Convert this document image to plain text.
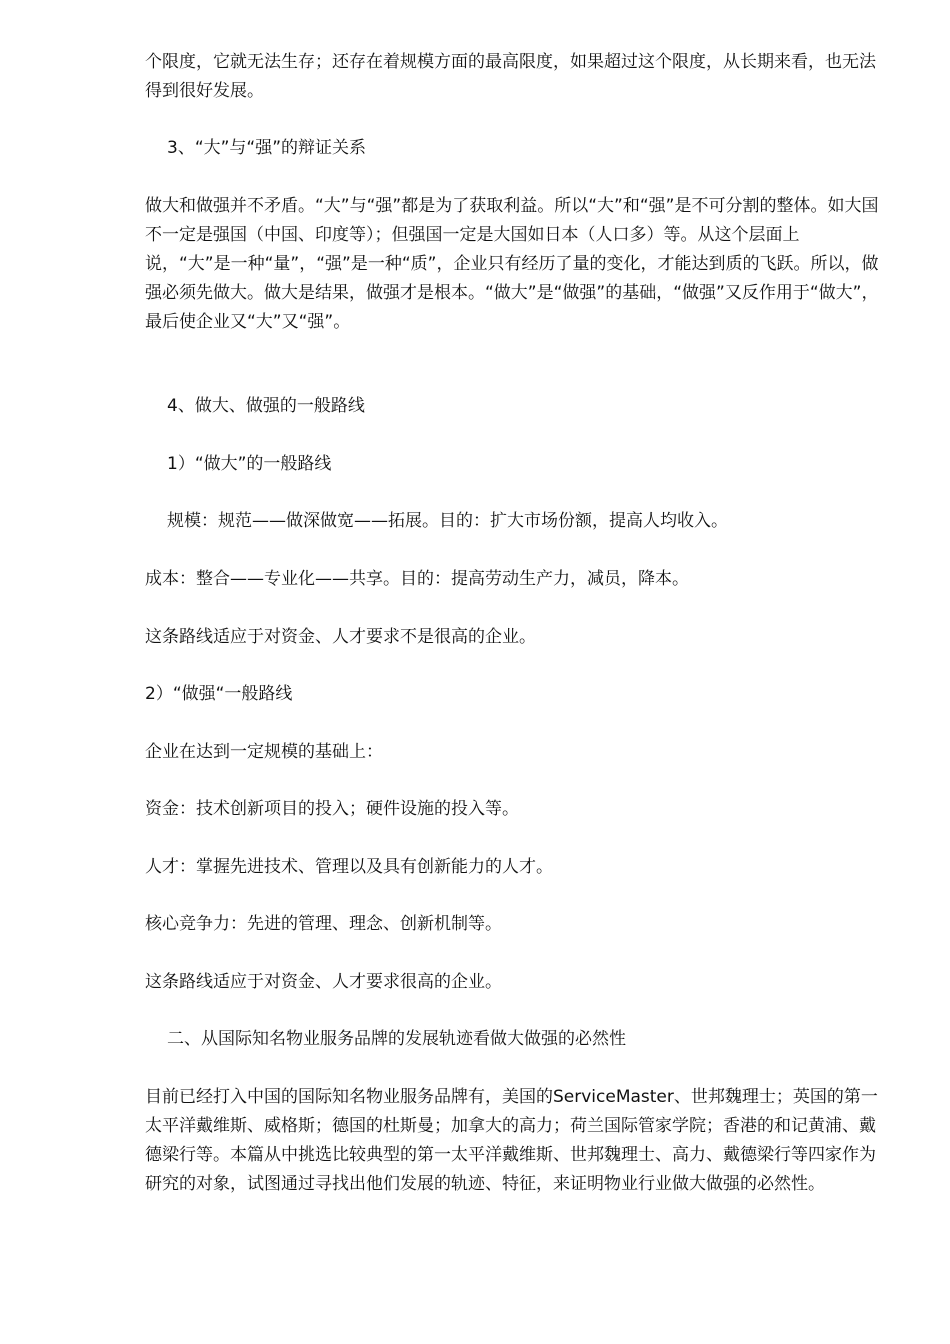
个限度，它就无法生存；还存在着规模方面的最高限度，如果超过这个限度，从长期来看，也无法得到很好发展。

3、“大”与“强”的辩证关系

做大和做强并不矛盾。“大”与“强”都是为了获取利益。所以“大”和“强”是不可分割的整体。如大国不一定是强国（中国、印度等）；但强国一定是大国如日本（人口多）等。从这个层面上说，“大”是一种“量”，“强”是一种“质”，企业只有经历了量的变化，才能达到质的飞跃。所以，做强必须先做大。做大是结果，做强才是根本。“做大”是“做强”的基础，“做强”又反作用于“做大”，最后使企业又“大”又“强”。

4、做大、做强的一般路线

1）“做大”的一般路线

规模：规范——做深做宽——拓展。目的：扩大市场份额，提高人均收入。

成本：整合——专业化——共享。目的：提高劳动生产力，减员，降本。

这条路线适应于对资金、人才要求不是很高的企业。

2）“做强“一般路线

企业在达到一定规模的基础上：

资金：技术创新项目的投入；硬件设施的投入等。

人才：掌握先进技术、管理以及具有创新能力的人才。

核心竞争力：先进的管理、理念、创新机制等。

这条路线适应于对资金、人才要求很高的企业。

二、从国际知名物业服务品牌的发展轨迹看做大做强的必然性

目前已经打入中国的国际知名物业服务品牌有，美国的ServiceMaster、世邦魏理士；英国的第一太平洋戴维斯、威格斯；德国的杜斯曼；加拿大的高力；荷兰国际管家学院；香港的和记黄浦、戴德梁行等。本篇从中挑选比较典型的第一太平洋戴维斯、世邦魏理士、高力、戴德梁行等四家作为研究的对象，试图通过寻找出他们发展的轨迹、特征，来证明物业行业做大做强的必然性。
